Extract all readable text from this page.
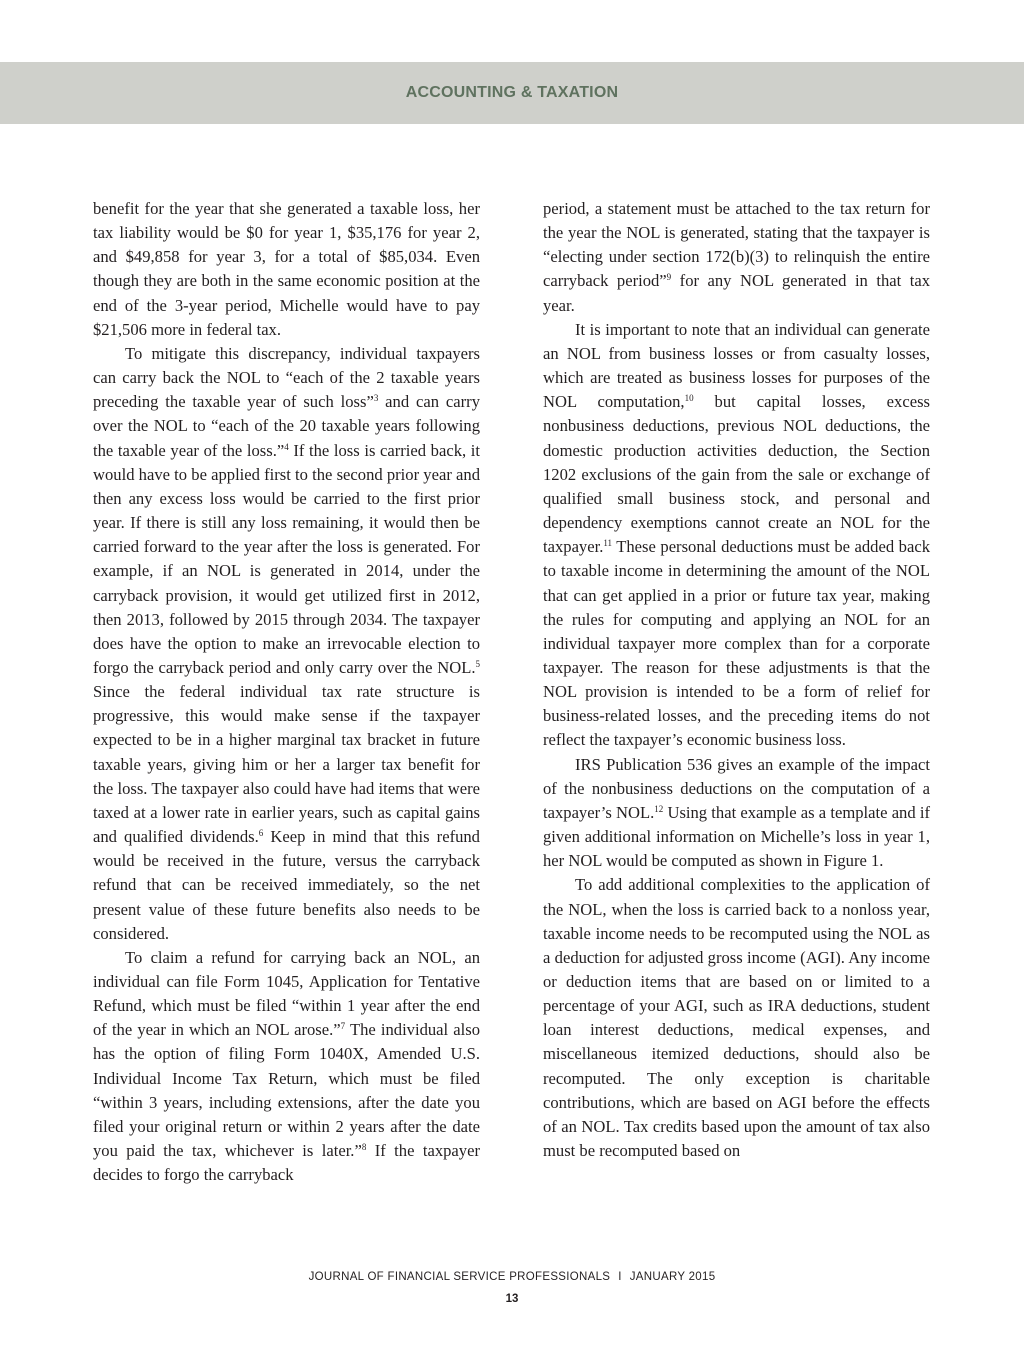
ACCOUNTING & TAXATION

benefit for the year that she generated a taxable loss, her tax liability would be $0 for year 1, $35,176 for year 2, and $49,858 for year 3, for a total of $85,034. Even though they are both in the same economic position at the end of the 3-year period, Michelle would have to pay $21,506 more in federal tax.

To mitigate this discrepancy, individual taxpayers can carry back the NOL to “each of the 2 taxable years preceding the taxable year of such loss”$^3$ and can carry over the NOL to “each of the 20 taxable years following the taxable year of the loss.”$^4$ If the loss is carried back, it would have to be applied first to the second prior year and then any excess loss would be carried to the first prior year. If there is still any loss remaining, it would then be carried forward to the year after the loss is generated. For example, if an NOL is generated in 2014, under the carryback provision, it would get utilized first in 2012, then 2013, followed by 2015 through 2034. The taxpayer does have the option to make an irrevocable election to forgo the carryback period and only carry over the NOL.$^5$ Since the federal individual tax rate structure is progressive, this would make sense if the taxpayer expected to be in a higher marginal tax bracket in future taxable years, giving him or her a larger tax benefit for the loss. The taxpayer also could have had items that were taxed at a lower rate in earlier years, such as capital gains and qualified dividends.$^6$ Keep in mind that this refund would be received in the future, versus the carryback refund that can be received immediately, so the net present value of these future benefits also needs to be considered.

To claim a refund for carrying back an NOL, an individual can file Form 1045, Application for Tentative Refund, which must be filed “within 1 year after the end of the year in which an NOL arose.”$^7$ The individual also has the option of filing Form 1040X, Amended U.S. Individual Income Tax Return, which must be filed “within 3 years, including extensions, after the date you filed your original return or within 2 years after the date you paid the tax, whichever is later.”$^8$ If the taxpayer decides to forgo the carryback

period, a statement must be attached to the tax return for the year the NOL is generated, stating that the taxpayer is “electing under section 172(b)(3) to relinquish the entire carryback period”$^9$ for any NOL generated in that tax year.

It is important to note that an individual can generate an NOL from business losses or from casualty losses, which are treated as business losses for purposes of the NOL computation,$^{10}$ but capital losses, excess nonbusiness deductions, previous NOL deductions, the domestic production activities deduction, the Section 1202 exclusions of the gain from the sale or exchange of qualified small business stock, and personal and dependency exemptions cannot create an NOL for the taxpayer.$^{11}$ These personal deductions must be added back to taxable income in determining the amount of the NOL that can get applied in a prior or future tax year, making the rules for computing and applying an NOL for an individual taxpayer more complex than for a corporate taxpayer. The reason for these adjustments is that the NOL provision is intended to be a form of relief for business-related losses, and the preceding items do not reflect the taxpayer’s economic business loss.

IRS Publication 536 gives an example of the impact of the nonbusiness deductions on the computation of a taxpayer’s NOL.$^{12}$ Using that example as a template and if given additional information on Michelle’s loss in year 1, her NOL would be computed as shown in Figure 1.

To add additional complexities to the application of the NOL, when the loss is carried back to a nonloss year, taxable income needs to be recomputed using the NOL as a deduction for adjusted gross income (AGI). Any income or deduction items that are based on or limited to a percentage of your AGI, such as IRA deductions, student loan interest deductions, medical expenses, and miscellaneous itemized deductions, should also be recomputed. The only exception is charitable contributions, which are based on AGI before the effects of an NOL. Tax credits based upon the amount of tax also must be recomputed based on

JOURNAL OF FINANCIAL SERVICE PROFESSIONALS I JANUARY 2015
13
